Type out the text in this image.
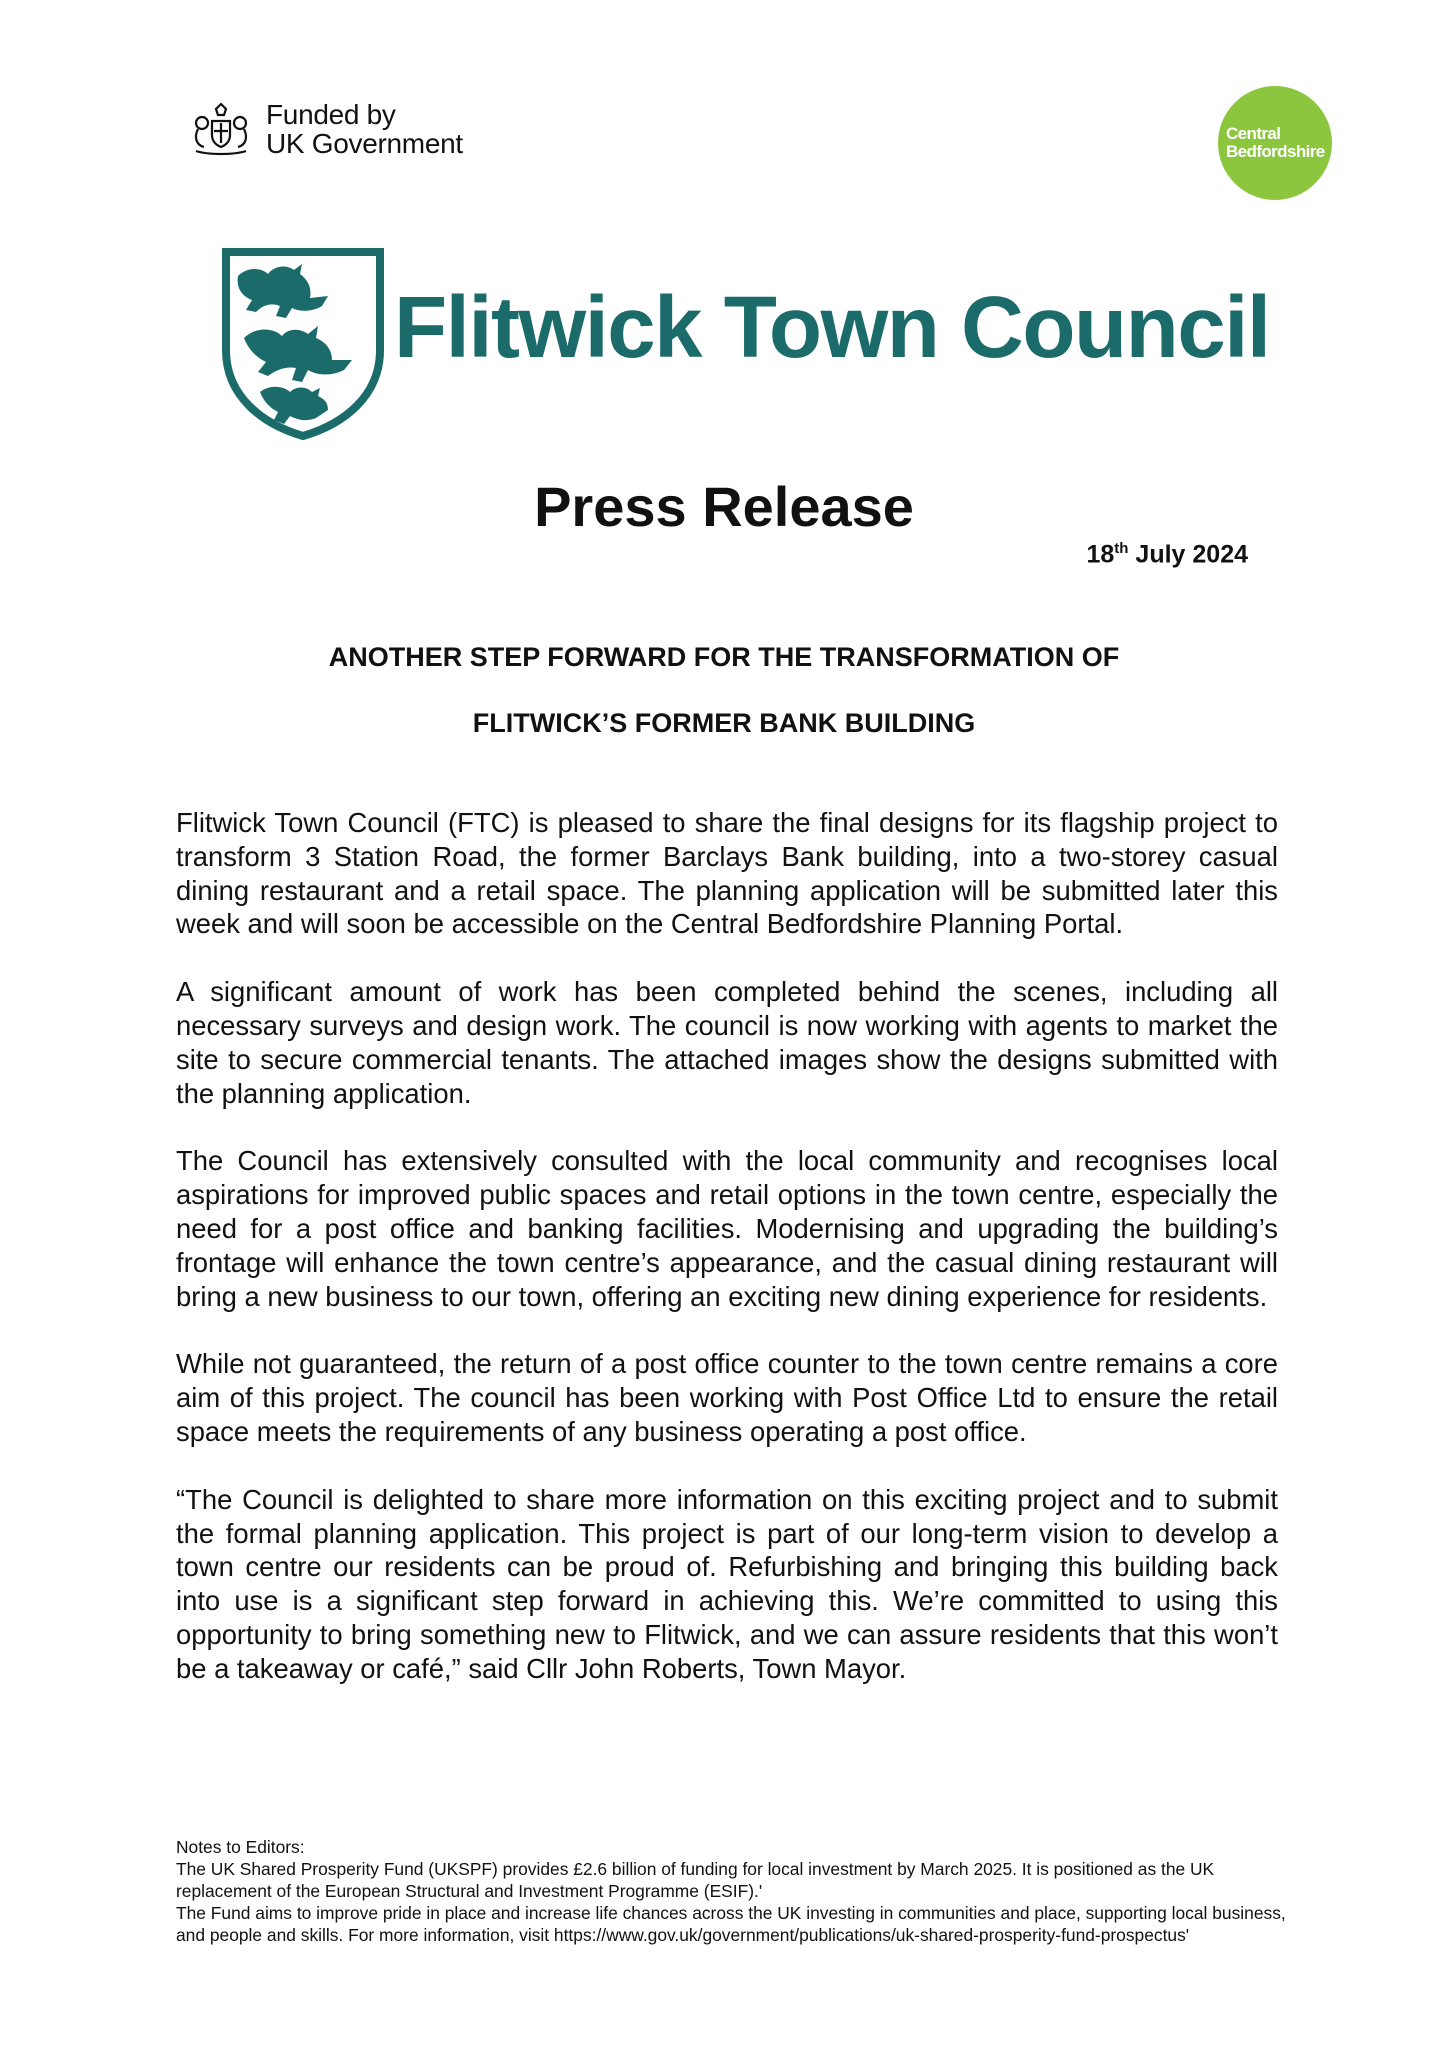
Funded by
UK Government	Central
Bedfordshire
Flitwick Town Council
Press Release
18th July 2024
ANOTHER STEP FORWARD FOR THE TRANSFORMATION OF
FLITWICK’S FORMER BANK BUILDING

Flitwick Town Council (FTC) is pleased to share the final designs for its flagship project to transform 3 Station Road, the former Barclays Bank building, into a two-storey casual dining restaurant and a retail space. The planning application will be submitted later this week and will soon be accessible on the Central Bedfordshire Planning Portal.

A significant amount of work has been completed behind the scenes, including all necessary surveys and design work. The council is now working with agents to market the site to secure commercial tenants. The attached images show the designs submitted with the planning application.

The Council has extensively consulted with the local community and recognises local aspirations for improved public spaces and retail options in the town centre, especially the need for a post office and banking facilities. Modernising and upgrading the building’s frontage will enhance the town centre’s appearance, and the casual dining restaurant will bring a new business to our town, offering an exciting new dining experience for residents.

While not guaranteed, the return of a post office counter to the town centre remains a core aim of this project. The council has been working with Post Office Ltd to ensure the retail space meets the requirements of any business operating a post office.

“The Council is delighted to share more information on this exciting project and to submit the formal planning application. This project is part of our long-term vision to develop a town centre our residents can be proud of. Refurbishing and bringing this building back into use is a significant step forward in achieving this. We’re committed to using this opportunity to bring something new to Flitwick, and we can assure residents that this won’t be a takeaway or café,” said Cllr John Roberts, Town Mayor.

Notes to Editors:
The UK Shared Prosperity Fund (UKSPF) provides £2.6 billion of funding for local investment by March 2025. It is positioned as the UK replacement of the European Structural and Investment Programme (ESIF).'
The Fund aims to improve pride in place and increase life chances across the UK investing in communities and place, supporting local business, and people and skills. For more information, visit https://www.gov.uk/government/publications/uk-shared-prosperity-fund-prospectus'
